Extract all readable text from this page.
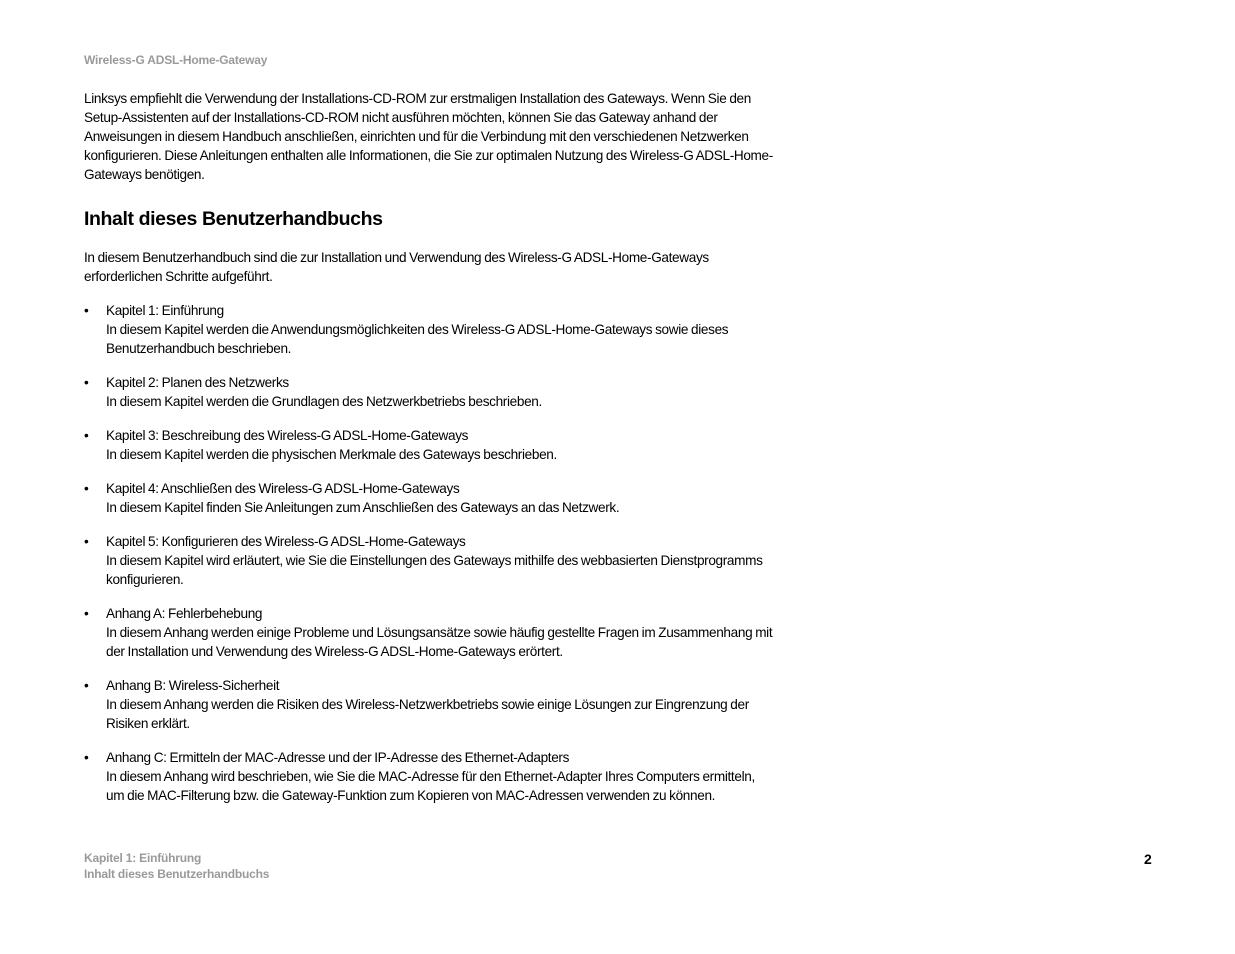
Wireless-G ADSL-Home-Gateway

Linksys empfiehlt die Verwendung der Installations-CD-ROM zur erstmaligen Installation des Gateways. Wenn Sie den Setup-Assistenten auf der Installations-CD-ROM nicht ausführen möchten, können Sie das Gateway anhand der Anweisungen in diesem Handbuch anschließen, einrichten und für die Verbindung mit den verschiedenen Netzwerken konfigurieren. Diese Anleitungen enthalten alle Informationen, die Sie zur optimalen Nutzung des Wireless-G ADSL-Home-Gateways benötigen.

Inhalt dieses Benutzerhandbuchs

In diesem Benutzerhandbuch sind die zur Installation und Verwendung des Wireless-G ADSL-Home-Gateways erforderlichen Schritte aufgeführt.

• Kapitel 1: Einführung
In diesem Kapitel werden die Anwendungsmöglichkeiten des Wireless-G ADSL-Home-Gateways sowie dieses Benutzerhandbuch beschrieben.
• Kapitel 2: Planen des Netzwerks
In diesem Kapitel werden die Grundlagen des Netzwerkbetriebs beschrieben.
• Kapitel 3: Beschreibung des Wireless-G ADSL-Home-Gateways
In diesem Kapitel werden die physischen Merkmale des Gateways beschrieben.
• Kapitel 4: Anschließen des Wireless-G ADSL-Home-Gateways
In diesem Kapitel finden Sie Anleitungen zum Anschließen des Gateways an das Netzwerk.
• Kapitel 5: Konfigurieren des Wireless-G ADSL-Home-Gateways
In diesem Kapitel wird erläutert, wie Sie die Einstellungen des Gateways mithilfe des webbasierten Dienstprogramms konfigurieren.
• Anhang A: Fehlerbehebung
In diesem Anhang werden einige Probleme und Lösungsansätze sowie häufig gestellte Fragen im Zusammenhang mit der Installation und Verwendung des Wireless-G ADSL-Home-Gateways erörtert.
• Anhang B: Wireless-Sicherheit
In diesem Anhang werden die Risiken des Wireless-Netzwerkbetriebs sowie einige Lösungen zur Eingrenzung der Risiken erklärt.
• Anhang C: Ermitteln der MAC-Adresse und der IP-Adresse des Ethernet-Adapters
In diesem Anhang wird beschrieben, wie Sie die MAC-Adresse für den Ethernet-Adapter Ihres Computers ermitteln, um die MAC-Filterung bzw. die Gateway-Funktion zum Kopieren von MAC-Adressen verwenden zu können.
Kapitel 1: Einführung
Inhalt dieses Benutzerhandbuchs
2
